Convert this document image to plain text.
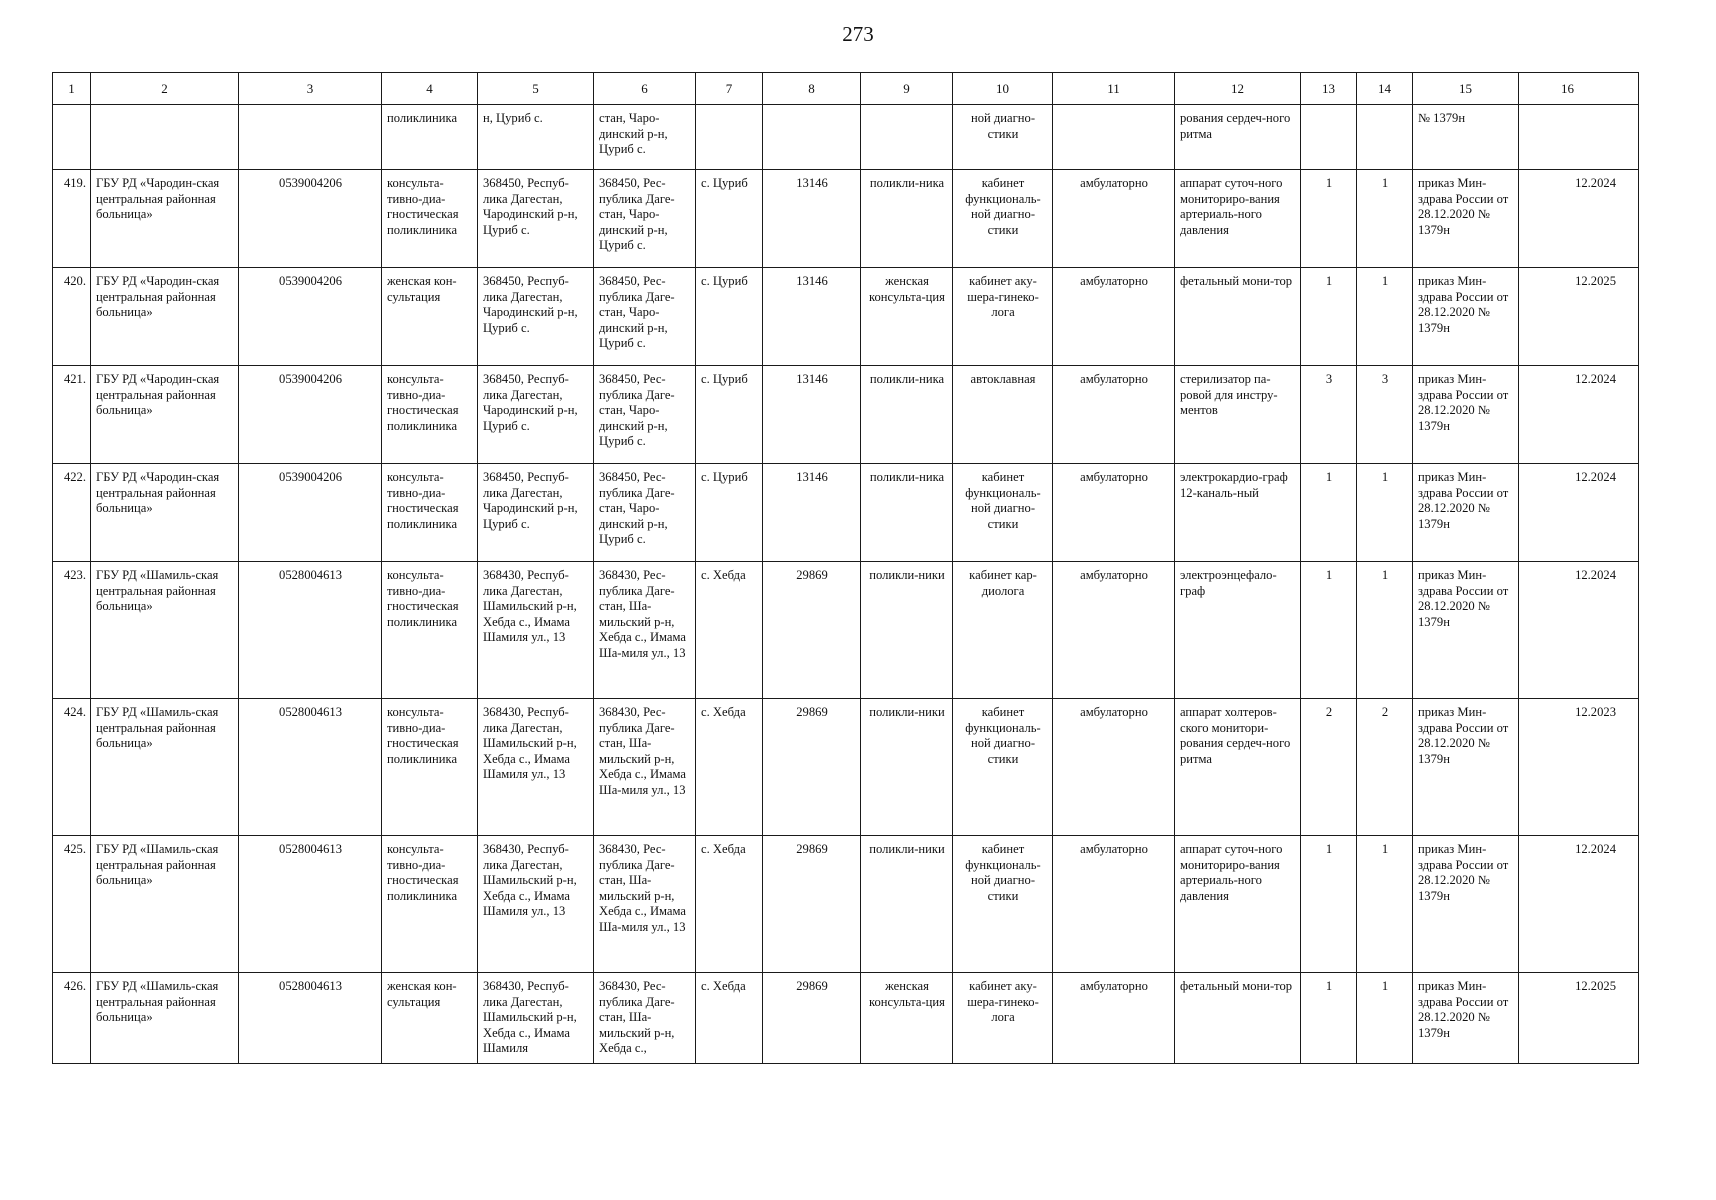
273
1	2	3	4	5	6	7	8	9	10	11	12	13	14	15	16
			поликлиника	н, Цуриб с.	стан, Чаро-динский р-н, Цуриб с.				ной диагно-стики		рования сердеч-ного ритма			№ 1379н	
419.	ГБУ РД «Чародин-ская центральная районная больница»	0539004206	консульта-тивно-диа-гностическая поликлиника	368450, Респуб-лика Дагестан, Чародинский р-н, Цуриб с.	368450, Рес-публика Даге-стан, Чаро-динский р-н, Цуриб с.	с. Цуриб	13146	поликли-ника	кабинет функциональ-ной диагно-стики	амбулаторно	аппарат суточ-ного мониториро-вания артериаль-ного давления	1	1	приказ Мин-здрава России от 28.12.2020 № 1379н	12.2024
420.	ГБУ РД «Чародин-ская центральная районная больница»	0539004206	женская кон-сультация	368450, Респуб-лика Дагестан, Чародинский р-н, Цуриб с.	368450, Рес-публика Даге-стан, Чаро-динский р-н, Цуриб с.	с. Цуриб	13146	женская консульта-ция	кабинет аку-шера-гинеко-лога	амбулаторно	фетальный мони-тор	1	1	приказ Мин-здрава России от 28.12.2020 № 1379н	12.2025
421.	ГБУ РД «Чародин-ская центральная районная больница»	0539004206	консульта-тивно-диа-гностическая поликлиника	368450, Респуб-лика Дагестан, Чародинский р-н, Цуриб с.	368450, Рес-публика Даге-стан, Чаро-динский р-н, Цуриб с.	с. Цуриб	13146	поликли-ника	автоклавная	амбулаторно	стерилизатор па-ровой для инстру-ментов	3	3	приказ Мин-здрава России от 28.12.2020 № 1379н	12.2024
422.	ГБУ РД «Чародин-ская центральная районная больница»	0539004206	консульта-тивно-диа-гностическая поликлиника	368450, Респуб-лика Дагестан, Чародинский р-н, Цуриб с.	368450, Рес-публика Даге-стан, Чаро-динский р-н, Цуриб с.	с. Цуриб	13146	поликли-ника	кабинет функциональ-ной диагно-стики	амбулаторно	электрокардио-граф 12-каналь-ный	1	1	приказ Мин-здрава России от 28.12.2020 № 1379н	12.2024
423.	ГБУ РД «Шамиль-ская центральная районная больница»	0528004613	консульта-тивно-диа-гностическая поликлиника	368430, Респуб-лика Дагестан, Шамильский р-н, Хебда с., Имама Шамиля ул., 13	368430, Рес-публика Даге-стан, Ша-мильский р-н, Хебда с., Имама Ша-миля ул., 13	с. Хебда	29869	поликли-ники	кабинет кар-диолога	амбулаторно	электроэнцефало-граф	1	1	приказ Мин-здрава России от 28.12.2020 № 1379н	12.2024
424.	ГБУ РД «Шамиль-ская центральная районная больница»	0528004613	консульта-тивно-диа-гностическая поликлиника	368430, Респуб-лика Дагестан, Шамильский р-н, Хебда с., Имама Шамиля ул., 13	368430, Рес-публика Даге-стан, Ша-мильский р-н, Хебда с., Имама Ша-миля ул., 13	с. Хебда	29869	поликли-ники	кабинет функциональ-ной диагно-стики	амбулаторно	аппарат холтеров-ского монитори-рования сердеч-ного ритма	2	2	приказ Мин-здрава России от 28.12.2020 № 1379н	12.2023
425.	ГБУ РД «Шамиль-ская центральная районная больница»	0528004613	консульта-тивно-диа-гностическая поликлиника	368430, Респуб-лика Дагестан, Шамильский р-н, Хебда с., Имама Шамиля ул., 13	368430, Рес-публика Даге-стан, Ша-мильский р-н, Хебда с., Имама Ша-миля ул., 13	с. Хебда	29869	поликли-ники	кабинет функциональ-ной диагно-стики	амбулаторно	аппарат суточ-ного мониториро-вания артериаль-ного давления	1	1	приказ Мин-здрава России от 28.12.2020 № 1379н	12.2024
426.	ГБУ РД «Шамиль-ская центральная районная больница»	0528004613	женская кон-сультация	368430, Респуб-лика Дагестан, Шамильский р-н, Хебда с., Имама Шамиля	368430, Рес-публика Даге-стан, Ша-мильский р-н, Хебда с.,	с. Хебда	29869	женская консульта-ция	кабинет аку-шера-гинеко-лога	амбулаторно	фетальный мони-тор	1	1	приказ Мин-здрава России от 28.12.2020 № 1379н	12.2025
